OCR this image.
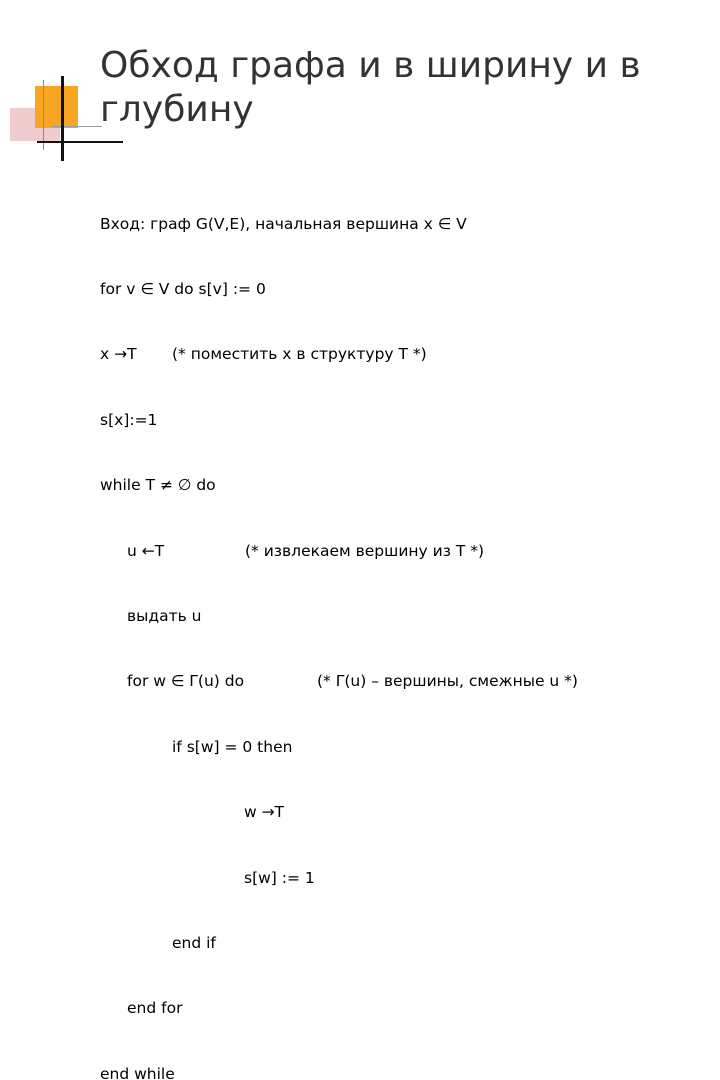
Обход графа и в ширину и в глубину

Вход: граф G(V,E), начальная вершина x ∈ V

for v ∈ V do s[v] := 0

x →T

(* поместить x в структуру T *)

s[x]:=1

while T ≠ ∅ do

u ←T

	(* извлекаем вершину из T *)

выдать u

for w ∈ Γ(u) do

	(* Γ(u) – вершины, смежные u *)

if s[w] = 0 then

w →T

s[w] := 1

end if

end for

end while
